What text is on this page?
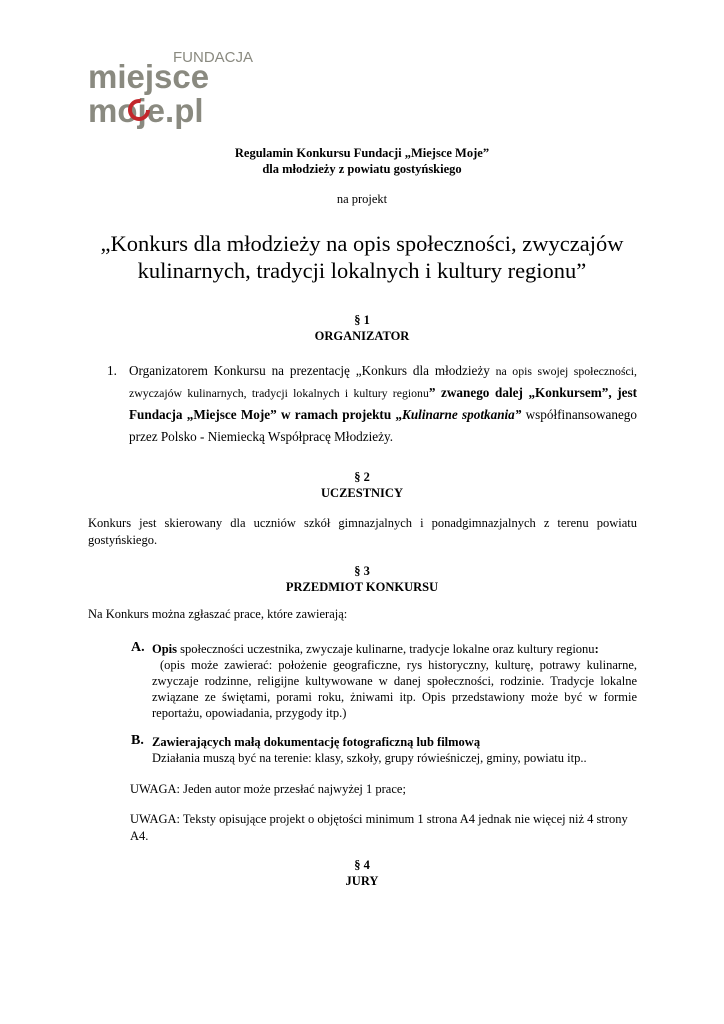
FUNDACJA
miejsce
moje.pl
Regulamin Konkursu Fundacji „Miejsce Moje”
dla młodzieży z powiatu gostyńskiego
na projekt
„Konkurs dla młodzieży na opis społeczności, zwyczajów
kulinarnych, tradycji lokalnych i kultury regionu”
§ 1
ORGANIZATOR
1. Organizatorem Konkursu na prezentację „Konkurs dla młodzieży na opis swojej społeczności, zwyczajów kulinarnych, tradycji lokalnych i kultury regionu” zwanego dalej „Konkursem”, jest Fundacja „Miejsce Moje” w ramach projektu „Kulinarne spotkania” współfinansowanego przez Polsko - Niemiecką Współpracę Młodzieży.
§ 2
UCZESTNICY
Konkurs jest skierowany dla uczniów szkół gimnazjalnych i ponadgimnazjalnych z terenu powiatu gostyńskiego.
§ 3
PRZEDMIOT KONKURSU
Na Konkurs można zgłaszać prace, które zawierają:
A. Opis społeczności uczestnika, zwyczaje kulinarne, tradycje lokalne oraz kultury regionu:
(opis może zawierać: położenie geograficzne, rys historyczny, kulturę, potrawy kulinarne, zwyczaje rodzinne, religijne kultywowane w danej społeczności, rodzinie. Tradycje lokalne związane ze świętami, porami roku, żniwami itp. Opis przedstawiony może być w formie reportażu, opowiadania, przygody itp.)
B. Zawierających małą dokumentację fotograficzną lub filmową
Działania muszą być na terenie: klasy, szkoły, grupy rówieśniczej, gminy, powiatu itp..
UWAGA: Jeden autor może przesłać najwyżej 1 prace;
UWAGA: Teksty opisujące projekt o objętości minimum 1 strona A4 jednak nie więcej niż 4 strony A4.
§ 4
JURY
